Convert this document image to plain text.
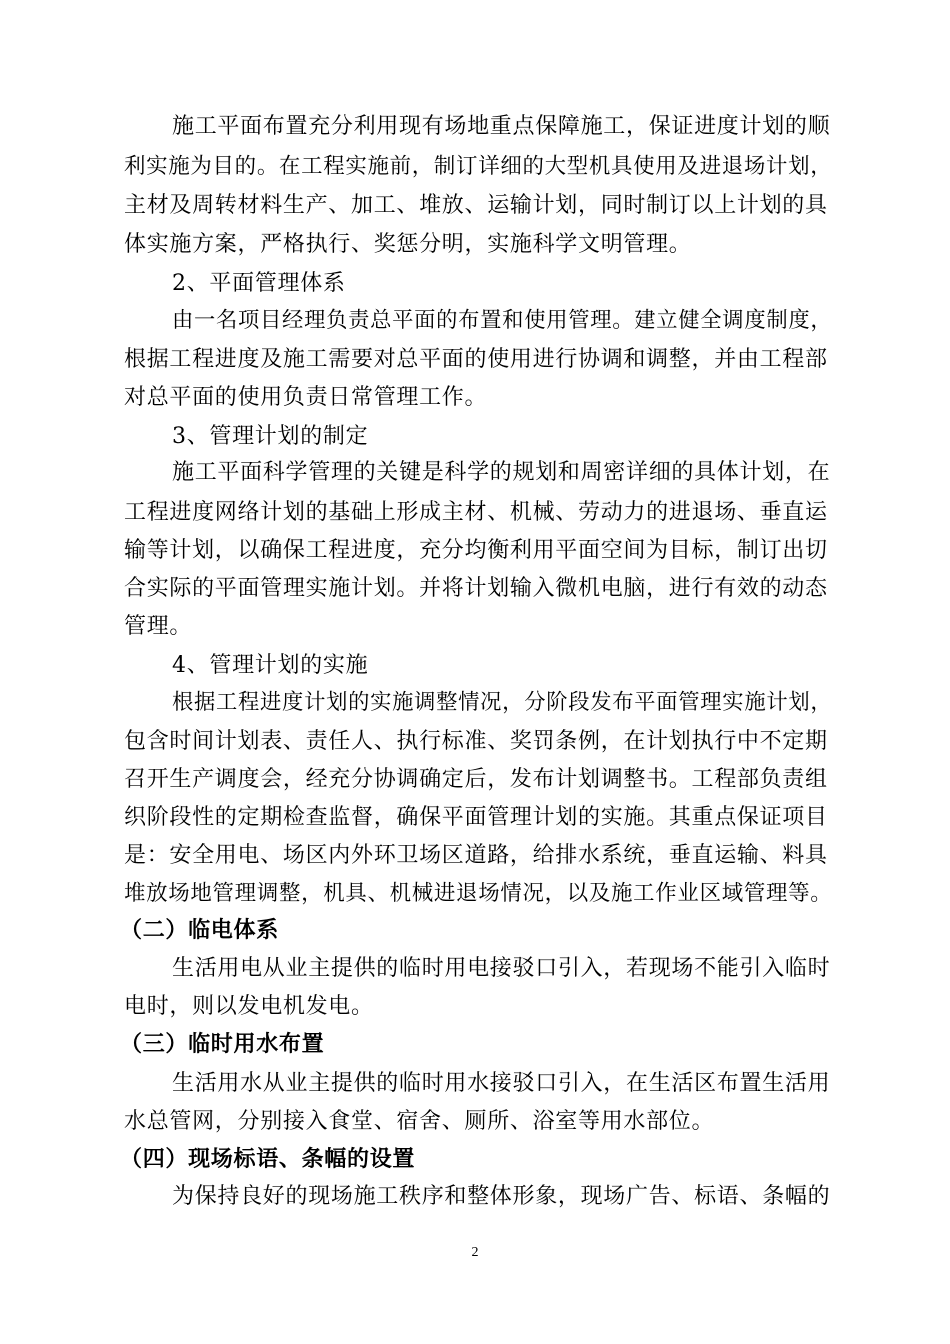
施工平面布置充分利用现有场地重点保障施工，保证进度计划的顺
利实施为目的。在工程实施前，制订详细的大型机具使用及进退场计划，
主材及周转材料生产、加工、堆放、运输计划，同时制订以上计划的具
体实施方案，严格执行、奖惩分明，实施科学文明管理。
2、平面管理体系
由一名项目经理负责总平面的布置和使用管理。建立健全调度制度，
根据工程进度及施工需要对总平面的使用进行协调和调整，并由工程部
对总平面的使用负责日常管理工作。
3、管理计划的制定
施工平面科学管理的关键是科学的规划和周密详细的具体计划，在
工程进度网络计划的基础上形成主材、机械、劳动力的进退场、垂直运
输等计划，以确保工程进度，充分均衡利用平面空间为目标，制订出切
合实际的平面管理实施计划。并将计划输入微机电脑，进行有效的动态
管理。
4、管理计划的实施
根据工程进度计划的实施调整情况，分阶段发布平面管理实施计划，
包含时间计划表、责任人、执行标准、奖罚条例，在计划执行中不定期
召开生产调度会，经充分协调确定后，发布计划调整书。工程部负责组
织阶段性的定期检查监督，确保平面管理计划的实施。其重点保证项目
是：安全用电、场区内外环卫场区道路，给排水系统，垂直运输、料具
堆放场地管理调整，机具、机械进退场情况，以及施工作业区域管理等。
（二）临电体系
生活用电从业主提供的临时用电接驳口引入，若现场不能引入临时
电时，则以发电机发电。
（三）临时用水布置
生活用水从业主提供的临时用水接驳口引入，在生活区布置生活用
水总管网，分别接入食堂、宿舍、厕所、浴室等用水部位。
（四）现场标语、条幅的设置
为保持良好的现场施工秩序和整体形象，现场广告、标语、条幅的
2
